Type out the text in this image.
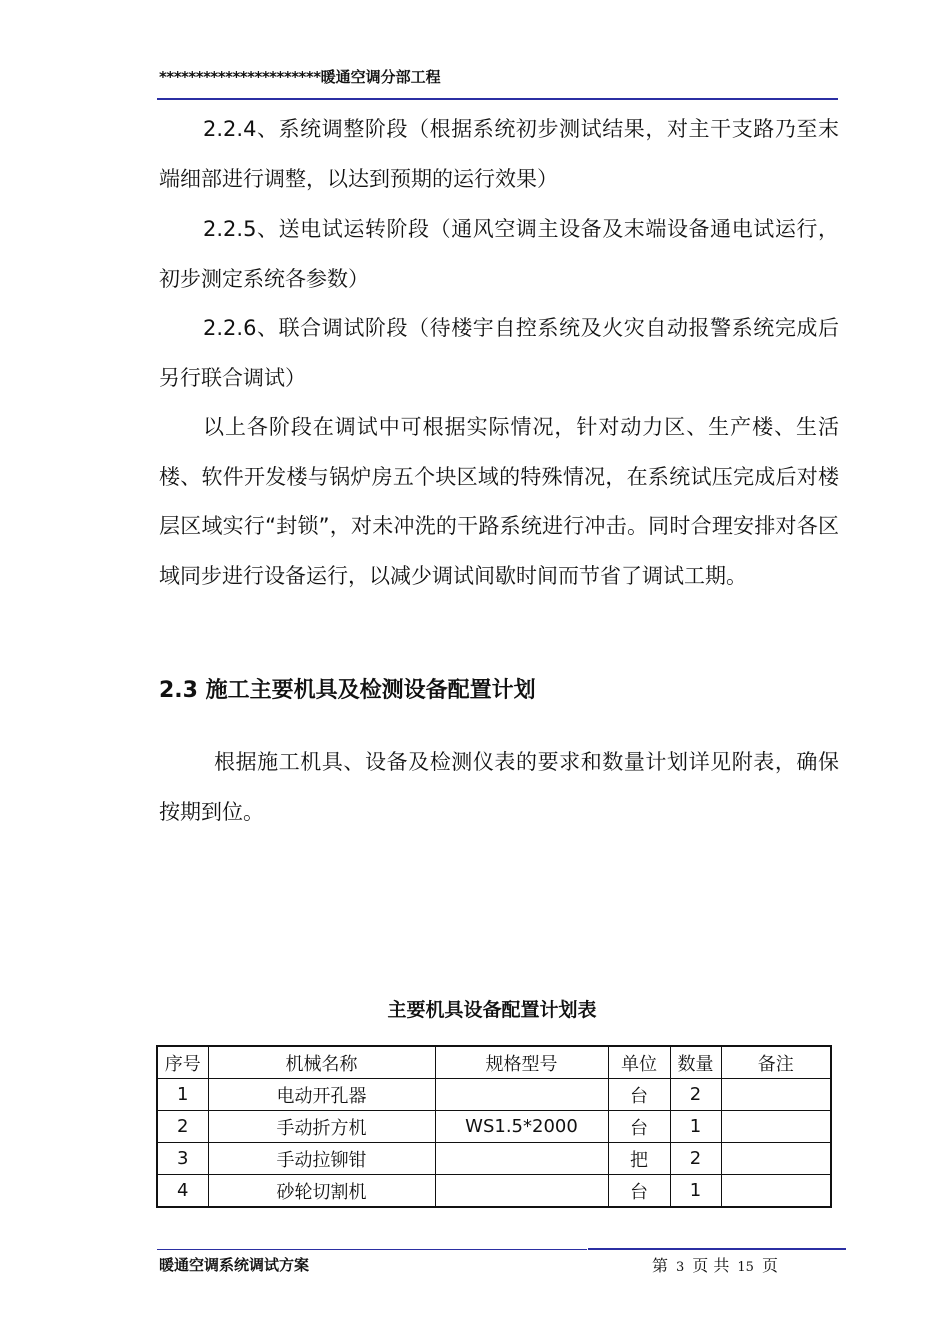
**********************暖通空调分部工程

2.2.4、系统调整阶段（根据系统初步测试结果，对主干支路乃至末端细部进行调整，以达到预期的运行效果）

2.2.5、送电试运转阶段（通风空调主设备及末端设备通电试运行，初步测定系统各参数）

2.2.6、联合调试阶段（待楼宇自控系统及火灾自动报警系统完成后另行联合调试）

以上各阶段在调试中可根据实际情况，针对动力区、生产楼、生活楼、软件开发楼与锅炉房五个块区域的特殊情况，在系统试压完成后对楼层区域实行“封锁”，对未冲洗的干路系统进行冲击。同时合理安排对各区域同步进行设备运行，以减少调试间歇时间而节省了调试工期。

2.3 施工主要机具及检测设备配置计划

根据施工机具、设备及检测仪表的要求和数量计划详见附表，确保按期到位。

主要机具设备配置计划表
序号	机械名称	规格型号	单位	数量	备注
1	电动开孔器		台	2	
2	手动折方机	WS1.5*2000	台	1	
3	手动拉铆钳		把	2	
4	砂轮切割机		台	1	
暖通空调系统调试方案	第 3 页 共 15 页
